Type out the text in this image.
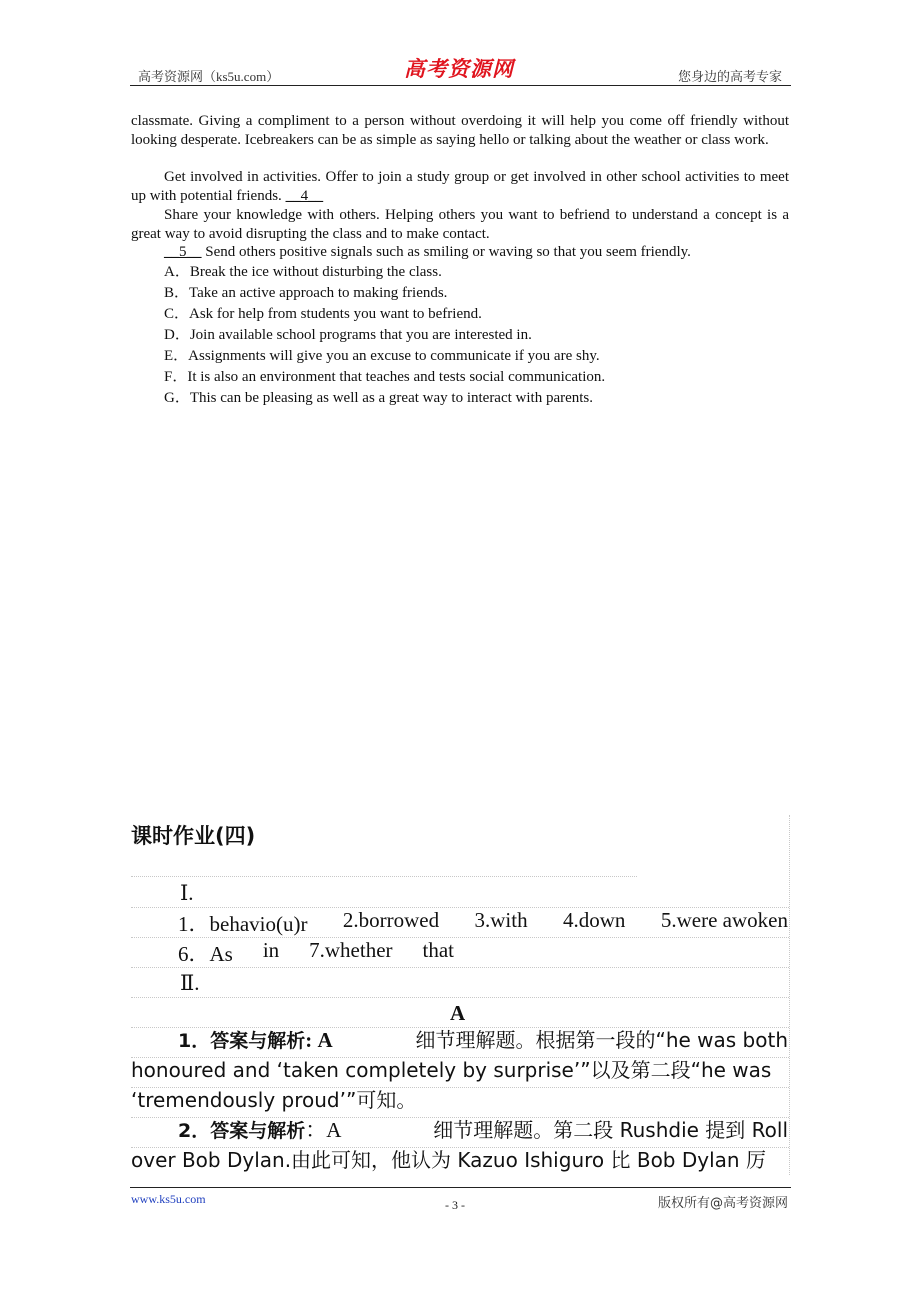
高考资源网（ks5u.com）	高考资源网	您身边的高考专家
classmate. Giving a compliment to a person without overdoing it will help you come off friendly without looking desperate. Icebreakers can be as simple as saying hello or talking about the weather or class work.
Get involved in activities. Offer to join a study group or get involved in other school activities to meet up with potential friends. __4__
Share your knowledge with others. Helping others you want to befriend to understand a concept is a great way to avoid disrupting the class and to make contact.
__5__ Send others positive signals such as smiling or waving so that you seem friendly.
A．Break the ice without disturbing the class.
B．Take an active approach to making friends.
C．Ask for help from students you want to befriend.
D．Join available school programs that you are interested in.
E．Assignments will give you an excuse to communicate if you are shy.
F．It is also an environment that teaches and tests social communication.
G．This can be pleasing as well as a great way to interact with parents.
课时作业(四)
Ⅰ.
1．behavio(u)r 2.borrowed 3.with 4.down 5.were awoken
6．As in 7.whether that
Ⅱ.
A
1．答案与解析: A	细节理解题。根据第一段的“he was both
honoured and ‘taken completely by surprise’”以及第二段“he was
‘tremendously proud’”可知。
2．答案与解析：A	细节理解题。第二段 Rushdie 提到 Roll
over Bob Dylan.由此可知，他认为 Kazuo Ishiguro 比 Bob Dylan 厉
www.ks5u.com	- 3 -	版权所有@高考资源网
